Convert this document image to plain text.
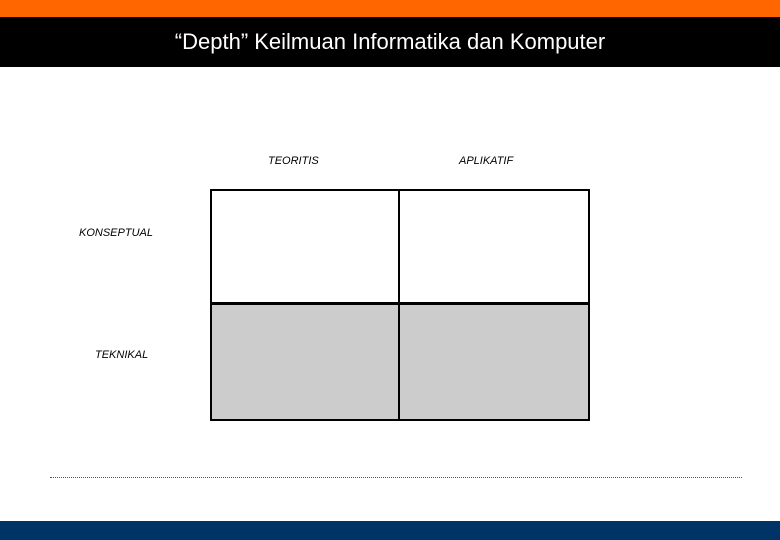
“Depth” Keilmuan Informatika dan Komputer
TEORITIS	APLIKATIF
KONSEPTUAL
TEKNIKAL
